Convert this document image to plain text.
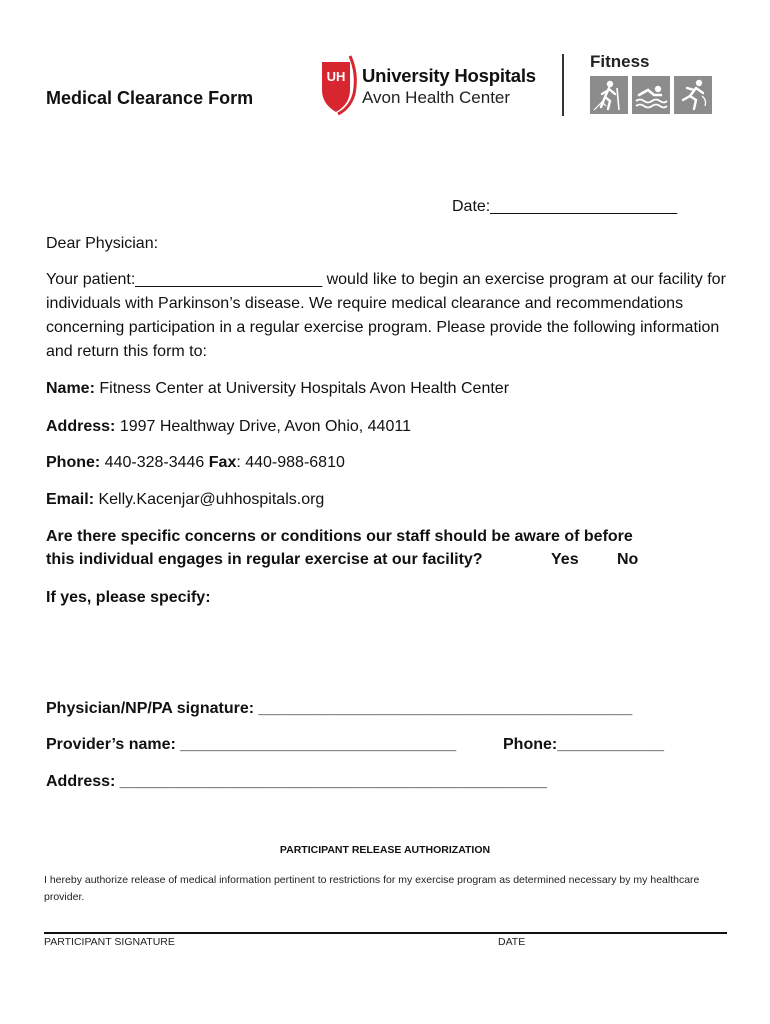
Medical Clearance Form
UH University Hospitals
Avon Health Center
Fitness
Date:_____________________
Dear Physician:
Your patient:_____________________ would like to begin an exercise program at our facility for individuals with Parkinson’s disease. We require medical clearance and recommendations concerning participation in a regular exercise program. Please provide the following information and return this form to:
Name: Fitness Center at University Hospitals Avon Health Center
Address: 1997 Healthway Drive, Avon Ohio, 44011
Phone: 440-328-3446 Fax: 440-988-6810
Email: Kelly.Kacenjar@uhhospitals.org
Are there specific concerns or conditions our staff should be aware of before
this individual engages in regular exercise at our facility?	Yes No
If yes, please specify:
Physician/NP/PA signature: __________________________________________
Provider’s name: _______________________________	Phone:____________
Address: ________________________________________________
PARTICIPANT RELEASE AUTHORIZATION
I hereby authorize release of medical information pertinent to restrictions for my exercise program as determined necessary by my healthcare provider.
PARTICIPANT SIGNATURE	DATE
